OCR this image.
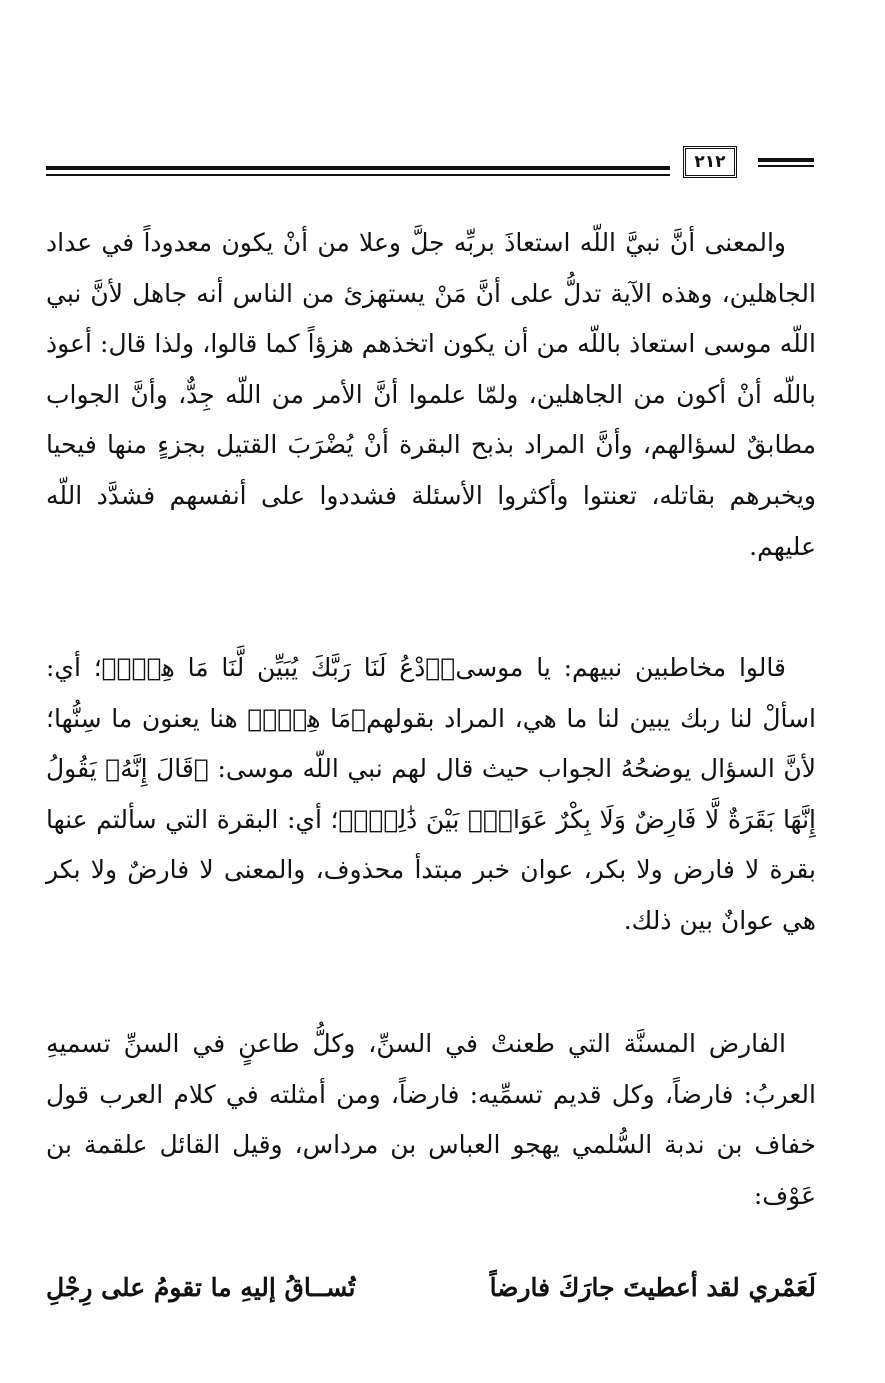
٢١٢

والمعنى أنَّ نبيَّ اللّه استعاذَ بربِّه جلَّ وعلا من أنْ يكون معدوداً في عداد الجاهلين، وهذه الآية تدلُّ على أنَّ مَنْ يستهزئ من الناس أنه جاهل لأنَّ نبي اللّه موسى استعاذ باللّه من أن يكون اتخذهم هزؤاً كما قالوا، ولذا قال: أعوذ باللّه أنْ أكون من الجاهلين، ولمّا علموا أنَّ الأمر من اللّه جِدٌّ، وأنَّ الجواب مطابقٌ لسؤالهم، وأنَّ المراد بذبح البقرة أنْ يُضْرَبَ القتيل بجزءٍ منها فيحيا ويخبرهم بقاتله، تعنتوا وأكثروا الأسئلة فشددوا على أنفسهم فشدَّد اللّه عليهم.

قالوا مخاطبين نبيهم: يا موسى﴿ٱدْعُ لَنَا رَبَّكَ يُبَيِّن لَّنَا مَا هِيَۚ﴾؛ أي: اسألْ لنا ربك يبين لنا ما هي، المراد بقولهم﴿مَا هِيَۚ﴾ هنا يعنون ما سِنُّها؛ لأنَّ السؤال يوضحُهُ الجواب حيث قال لهم نبي اللّه موسى: ﴿قَالَ إِنَّهُۥ يَقُولُ إِنَّهَا بَقَرَةٌ لَّا فَارِضٌ وَلَا بِكْرٌ عَوَانٌۢ بَيْنَ ذَٰلِكَۖ﴾؛ أي: البقرة التي سألتم عنها بقرة لا فارض ولا بكر، عوان خبر مبتدأ محذوف، والمعنى لا فارضٌ ولا بكر هي عوانٌ بين ذلك.

الفارض المسنَّة التي طعنتْ في السنِّ، وكلُّ طاعنٍ في السنِّ تسميهِ العربُ: فارضاً، وكل قديم تسمِّيه: فارضاً، ومن أمثلته في كلام العرب قول خفاف بن ندبة السُّلمي يهجو العباس بن مرداس، وقيل القائل علقمة بن عَوْف:

لَعَمْري لقد أعطيتَ جارَكَ فارضاً
تُســاقُ إليهِ ما تقومُ على رِجْلِ
